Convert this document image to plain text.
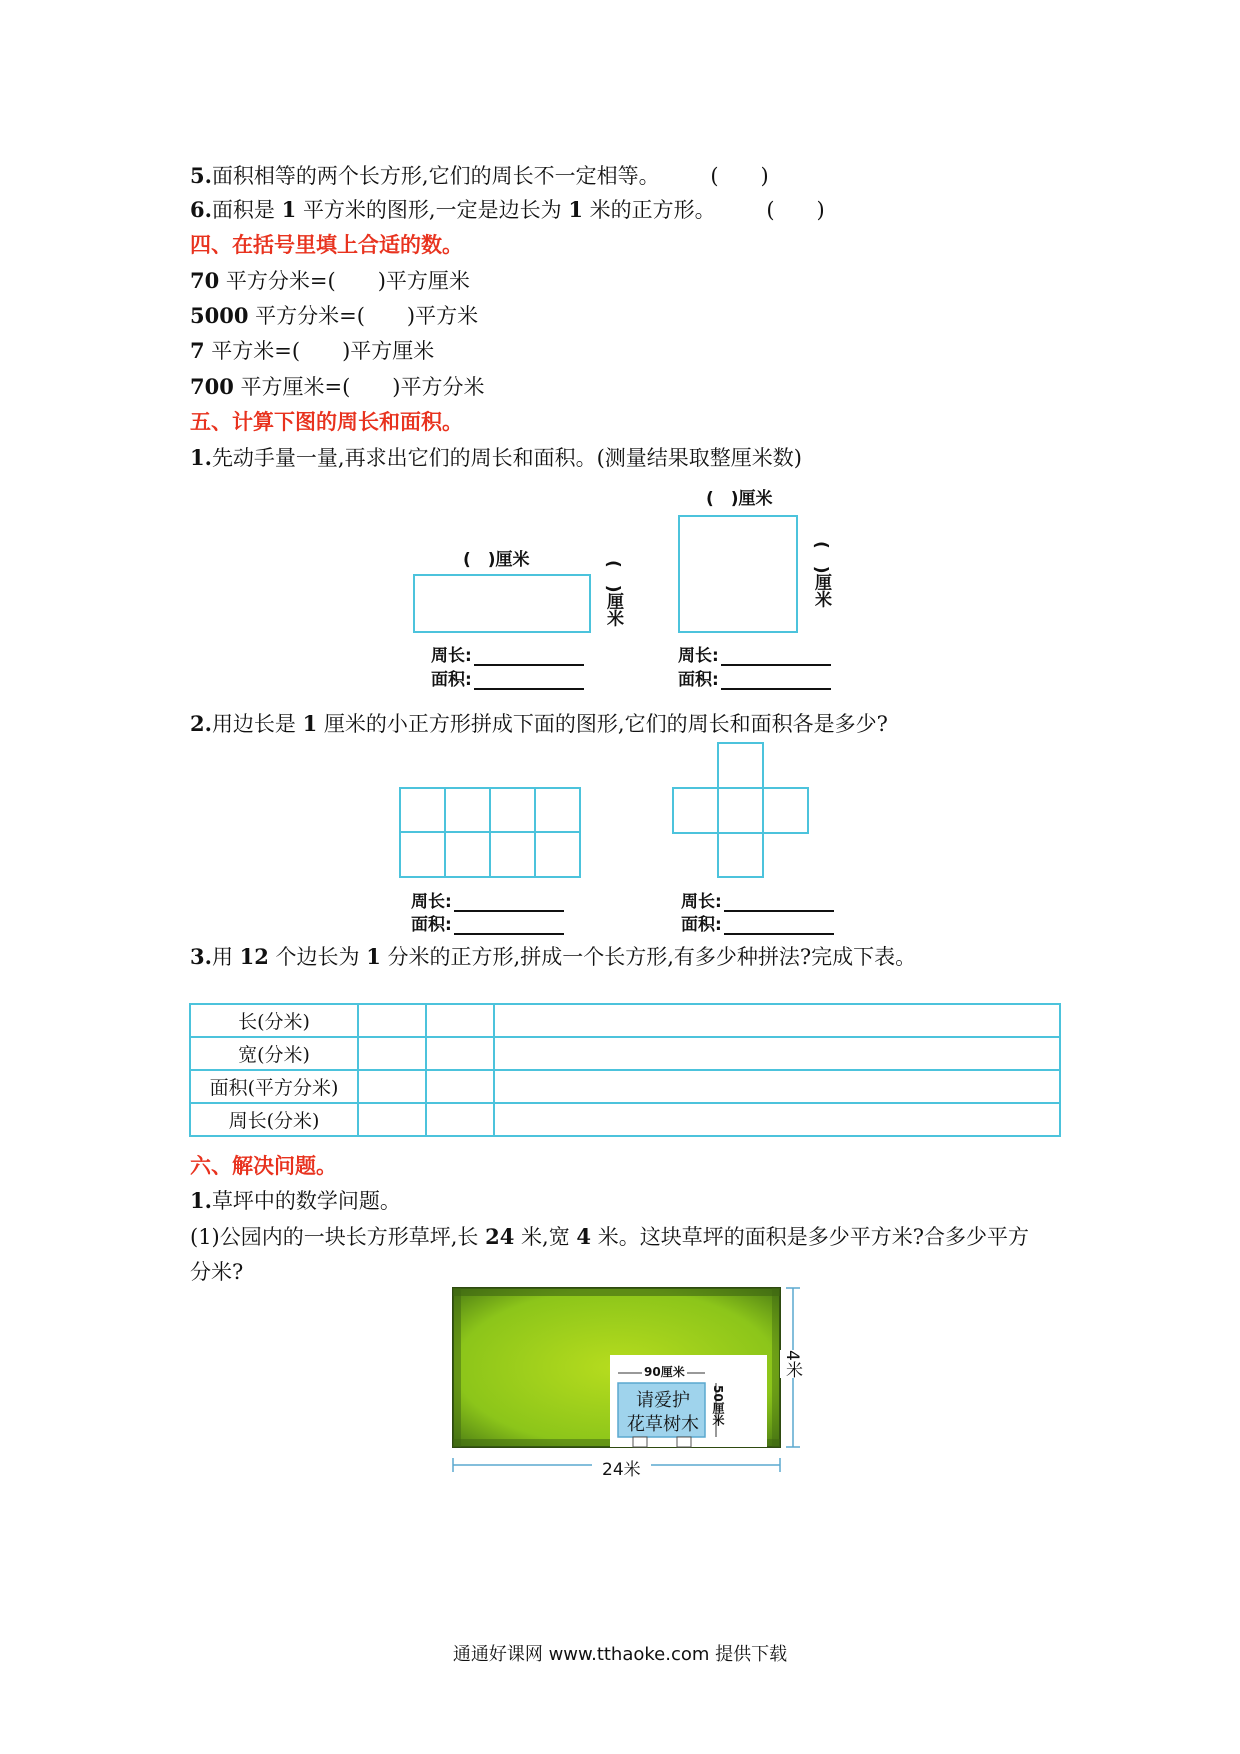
5.面积相等的两个长方形,它们的周长不一定相等。 (　　)
6.面积是 1 平方米的图形,一定是边长为 1 米的正方形。 (　　)
四、在括号里填上合适的数。
70 平方分米=(　　)平方厘米
5000 平方分米=(　　)平方米
7 平方米=(　　)平方厘米
700 平方厘米=(　　)平方分米
五、计算下图的周长和面积。
1.先动手量一量,再求出它们的周长和面积。(测量结果取整厘米数)
(　)厘米	(　)厘米
周长:
面积:
(　)厘米
(　)厘米
周长:
面积:
2.用边长是 1 厘米的小正方形拼成下面的图形,它们的周长和面积各是多少?
周长:
面积:
周长:
面积:
3.用 12 个边长为 1 分米的正方形,拼成一个长方形,有多少种拼法?完成下表。
长(分米)			
宽(分米)			
面积(平方分米)			
周长(分米)			
六、解决问题。
1.草坪中的数学问题。
(1)公园内的一块长方形草坪,长 24 米,宽 4 米。这块草坪的面积是多少平方米?合多少平方
分米?
90厘米
50厘米
请爱护
花草树木
4米
24米
通通好课网 www.tthaoke.com 提供下载
